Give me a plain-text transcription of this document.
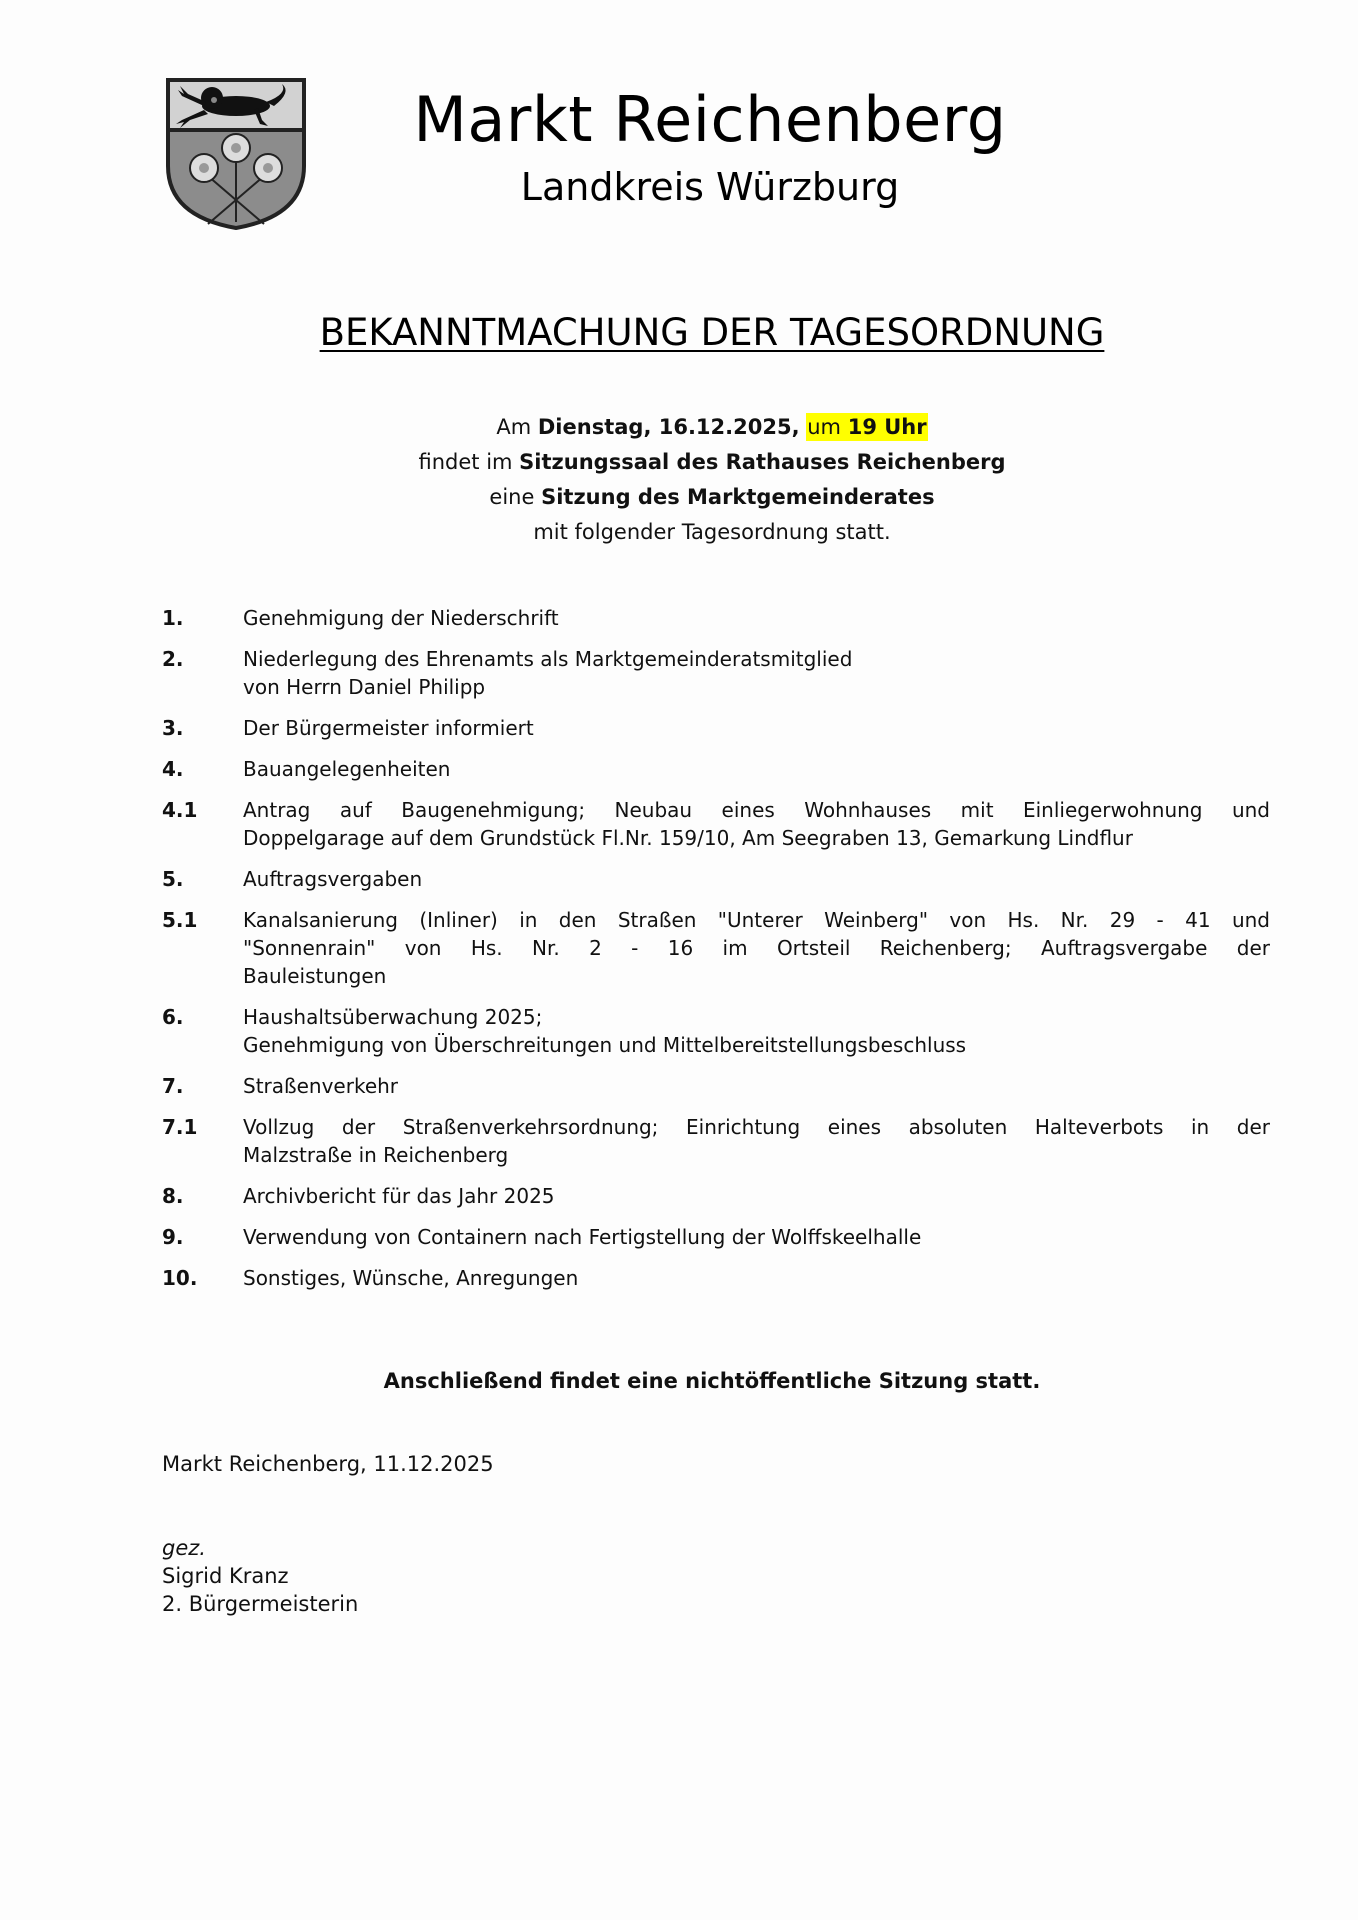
Markt Reichenberg
Landkreis Würzburg
BEKANNTMACHUNG DER TAGESORDNUNG
Am Dienstag, 16.12.2025, um 19 Uhr
findet im Sitzungssaal des Rathauses Reichenberg
eine Sitzung des Marktgemeinderates
mit folgender Tagesordnung statt.
1.	Genehmigung der Niederschrift
2.	Niederlegung des Ehrenamts als Marktgemeinderatsmitglied
von Herrn Daniel Philipp
3.	Der Bürgermeister informiert
4.	Bauangelegenheiten
4.1	Antrag auf Baugenehmigung; Neubau eines Wohnhauses mit Einliegerwohnung und
Doppelgarage auf dem Grundstück Fl.Nr. 159/10, Am Seegraben 13, Gemarkung Lindflur
5.	Auftragsvergaben
5.1	Kanalsanierung (Inliner) in den Straßen "Unterer Weinberg" von Hs. Nr. 29 - 41 und
"Sonnenrain" von Hs. Nr. 2 - 16 im Ortsteil Reichenberg; Auftragsvergabe der
Bauleistungen
6.	Haushaltsüberwachung 2025;
Genehmigung von Überschreitungen und Mittelbereitstellungsbeschluss
7.	Straßenverkehr
7.1	Vollzug der Straßenverkehrsordnung; Einrichtung eines absoluten Halteverbots in der
Malzstraße in Reichenberg
8.	Archivbericht für das Jahr 2025
9.	Verwendung von Containern nach Fertigstellung der Wolffskeelhalle
10.	Sonstiges, Wünsche, Anregungen
Anschließend findet eine nichtöffentliche Sitzung statt.
Markt Reichenberg, 11.12.2025
gez.
Sigrid Kranz
2. Bürgermeisterin
